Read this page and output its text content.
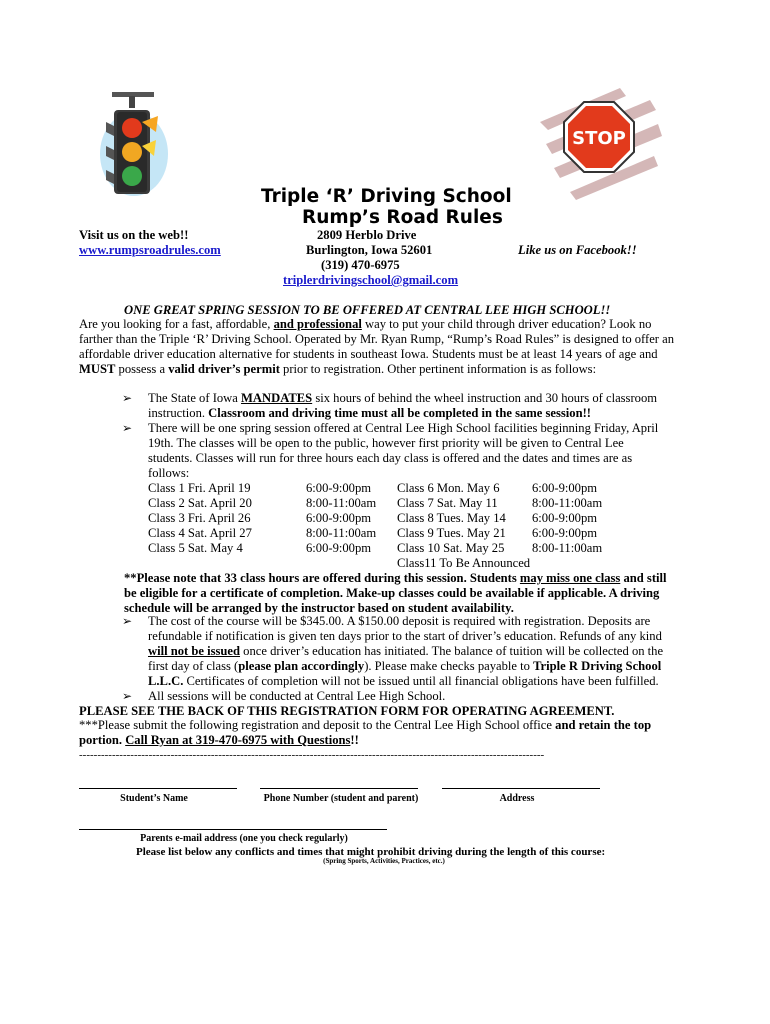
STOP
Triple ‘R’ Driving School
Rump’s Road Rules
Visit us on the web!!
www.rumpsroadrules.com
2809 Herblo Drive
Burlington, Iowa 52601
(319) 470-6975
triplerdrivingschool@gmail.com
Like us on Facebook!!
ONE GREAT SPRING SESSION TO BE OFFERED AT CENTRAL LEE HIGH SCHOOL!!
Are you looking for a fast, affordable, and professional way to put your child through driver education? Look no farther than the Triple ‘R’ Driving School. Operated by Mr. Ryan Rump, “Rump’s Road Rules” is designed to offer an affordable driver education alternative for students in southeast Iowa. Students must be at least 14 years of age and MUST possess a valid driver’s permit prior to registration. Other pertinent information is as follows:
➢ The State of Iowa MANDATES six hours of behind the wheel instruction and 30 hours of classroom instruction. Classroom and driving time must all be completed in the same session!!
➢ There will be one spring session offered at Central Lee High School facilities beginning Friday, April 19th. The classes will be open to the public, however first priority will be given to Central Lee students. Classes will run for three hours each day class is offered and the dates and times are as follows:
Class 1 Fri. April 19	6:00-9:00pm Class 6 Mon. May 6	6:00-9:00pm
Class 2 Sat. April 20	8:00-11:00am Class 7 Sat. May 11	8:00-11:00am
Class 3 Fri. April 26	6:00-9:00pm Class 8 Tues. May 14 6:00-9:00pm
Class 4 Sat. April 27	8:00-11:00am Class 9 Tues. May 21 6:00-9:00pm
Class 5 Sat. May 4	6:00-9:00pm Class 10 Sat. May 25 8:00-11:00am
Class11 To Be Announced
**Please note that 33 class hours are offered during this session. Students may miss one class and still be eligible for a certificate of completion. Make-up classes could be available if applicable. A driving schedule will be arranged by the instructor based on student availability.
➢ The cost of the course will be $345.00. A $150.00 deposit is required with registration. Deposits are refundable if notification is given ten days prior to the start of driver’s education. Refunds of any kind will not be issued once driver’s education has initiated. The balance of tuition will be collected on the first day of class (please plan accordingly). Please make checks payable to Triple R Driving School L.L.C. Certificates of completion will not be issued until all financial obligations have been fulfilled.
➢ All sessions will be conducted at Central Lee High School.
PLEASE SEE THE BACK OF THIS REGISTRATION FORM FOR OPERATING AGREEMENT.
***Please submit the following registration and deposit to the Central Lee High School office and retain the top portion. Call Ryan at 319-470-6975 with Questions!!
-------------------------------------------------------------------------------------------------------------------------------
Student’s Name	Phone Number (student and parent)	Address
Parents e-mail address (one you check regularly)
Please list below any conflicts and times that might prohibit driving during the length of this course:
(Spring Sports, Activities, Practices, etc.)
